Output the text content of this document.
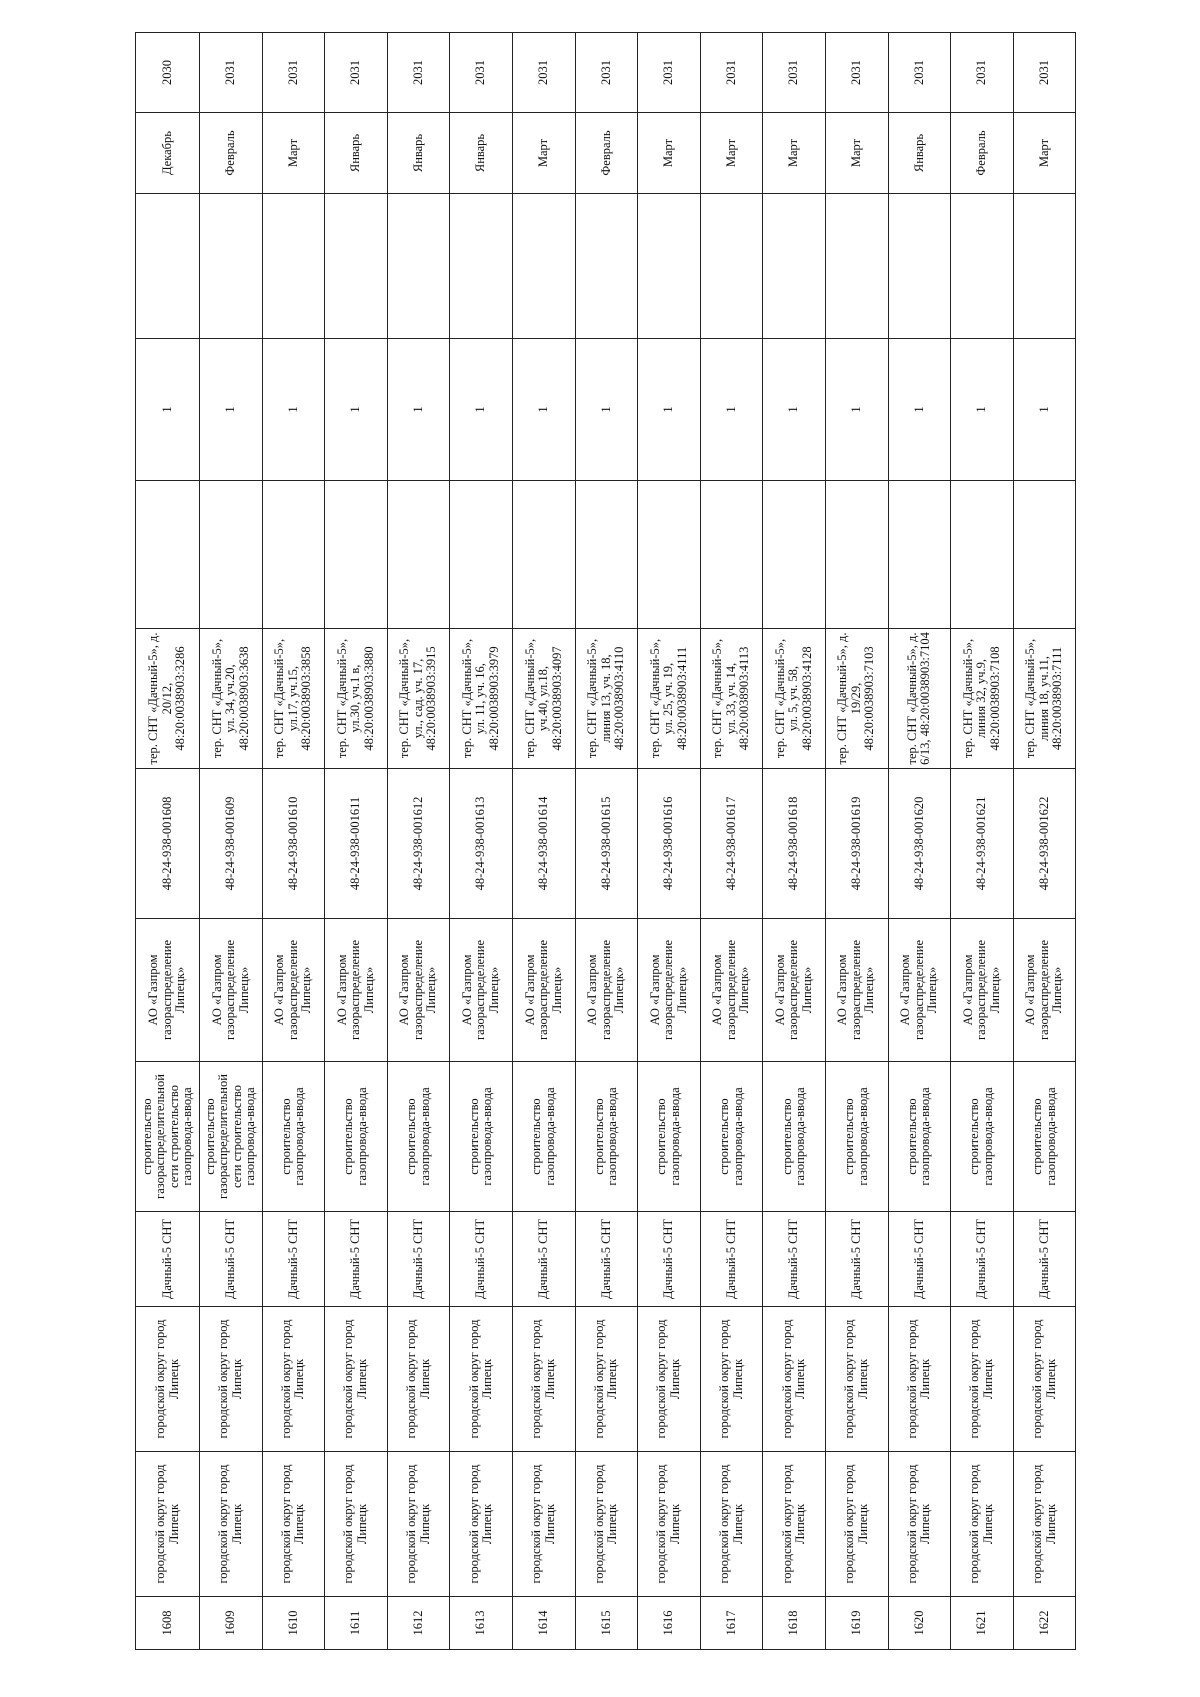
1608	городской округ город Липецк	городской округ город Липецк	Дачный-5 СНТ	строительство газораспределительной сети строительство газопровода-ввода	АО «Газпром газораспределение Липецк»	48-24-938-001608	тер. СНТ «Дачный-5», д. 20/12, 48:20:0038903:3286		1		Декабрь	2030
1609	городской округ город Липецк	городской округ город Липецк	Дачный-5 СНТ	строительство газораспределительной сети строительство газопровода-ввода	АО «Газпром газораспределение Липецк»	48-24-938-001609	тер. СНТ «Дачный-5», ул. 34, уч.20, 48:20:0038903:3638		1		Февраль	2031
1610	городской округ город Липецк	городской округ город Липецк	Дачный-5 СНТ	строительство газопровода-ввода	АО «Газпром газораспределение Липецк»	48-24-938-001610	тер. СНТ «Дачный-5», ул.17, уч.15, 48:20:0038903:3858		1		Март	2031
1611	городской округ город Липецк	городской округ город Липецк	Дачный-5 СНТ	строительство газопровода-ввода	АО «Газпром газораспределение Липецк»	48-24-938-001611	тер. СНТ «Дачный-5», ул.30, уч.1 в, 48:20:0038903:3880		1		Январь	2031
1612	городской округ город Липецк	городской округ город Липецк	Дачный-5 СНТ	строительство газопровода-ввода	АО «Газпром газораспределение Липецк»	48-24-938-001612	тер. СНТ «Дачный-5», ул., сад. уч. 17, 48:20:0038903:3915		1		Январь	2031
1613	городской округ город Липецк	городской округ город Липецк	Дачный-5 СНТ	строительство газопровода-ввода	АО «Газпром газораспределение Липецк»	48-24-938-001613	тер. СНТ «Дачный-5», ул. 11, уч. 16, 48:20:0038903:3979		1		Январь	2031
1614	городской округ город Липецк	городской округ город Липецк	Дачный-5 СНТ	строительство газопровода-ввода	АО «Газпром газораспределение Липецк»	48-24-938-001614	тер. СНТ «Дачный-5», уч.40, ул.18, 48:20:0038903:4097		1		Март	2031
1615	городской округ город Липецк	городской округ город Липецк	Дачный-5 СНТ	строительство газопровода-ввода	АО «Газпром газораспределение Липецк»	48-24-938-001615	тер. СНТ «Дачный-5», линия 13, уч. 18, 48:20:0038903:4110		1		Февраль	2031
1616	городской округ город Липецк	городской округ город Липецк	Дачный-5 СНТ	строительство газопровода-ввода	АО «Газпром газораспределение Липецк»	48-24-938-001616	тер. СНТ «Дачный-5», ул. 25, уч. 19, 48:20:0038903:4111		1		Март	2031
1617	городской округ город Липецк	городской округ город Липецк	Дачный-5 СНТ	строительство газопровода-ввода	АО «Газпром газораспределение Липецк»	48-24-938-001617	тер. СНТ «Дачный-5», ул. 33, уч. 14, 48:20:0038903:4113		1		Март	2031
1618	городской округ город Липецк	городской округ город Липецк	Дачный-5 СНТ	строительство газопровода-ввода	АО «Газпром газораспределение Липецк»	48-24-938-001618	тер. СНТ «Дачный-5», ул. 5, уч. 58, 48:20:0038903:4128		1		Март	2031
1619	городской округ город Липецк	городской округ город Липецк	Дачный-5 СНТ	строительство газопровода-ввода	АО «Газпром газораспределение Липецк»	48-24-938-001619	тер. СНТ «Дачный-5», д. 19/29, 48:20:0038903:7103		1		Март	2031
1620	городской округ город Липецк	городской округ город Липецк	Дачный-5 СНТ	строительство газопровода-ввода	АО «Газпром газораспределение Липецк»	48-24-938-001620	тер. СНТ «Дачный-5», д. 6/13, 48:20:0038903:7104		1		Январь	2031
1621	городской округ город Липецк	городской округ город Липецк	Дачный-5 СНТ	строительство газопровода-ввода	АО «Газпром газораспределение Липецк»	48-24-938-001621	тер. СНТ «Дачный-5», линия 32, уч.9, 48:20:0038903:7108		1		Февраль	2031
1622	городской округ город Липецк	городской округ город Липецк	Дачный-5 СНТ	строительство газопровода-ввода	АО «Газпром газораспределение Липецк»	48-24-938-001622	тер. СНТ «Дачный-5», линия 18, уч.11, 48:20:0038903:7111		1		Март	2031
